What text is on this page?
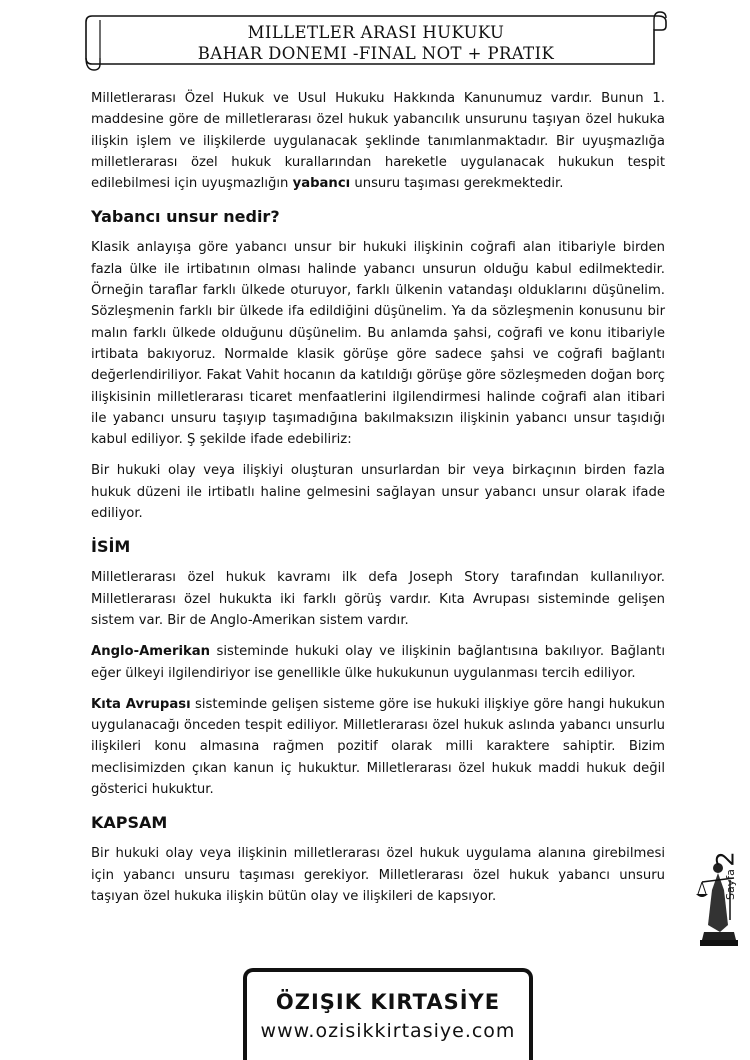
MILLETLER ARASI HUKUKU
BAHAR DONEMI -FINAL NOT + PRATIK

Milletlerarası Özel Hukuk ve Usul Hukuku Hakkında Kanunumuz vardır. Bunun 1. maddesine göre de milletlerarası özel hukuk yabancılık unsurunu taşıyan özel hukuka ilişkin işlem ve ilişkilerde uygulanacak şeklinde tanımlanmaktadır. Bir uyuşmazlığa milletlerarası özel hukuk kurallarından hareketle uygulanacak hukukun tespit edilebilmesi için uyuşmazlığın yabancı unsuru taşıması gerekmektedir.

Yabancı unsur nedir?

Klasik anlayışa göre yabancı unsur bir hukuki ilişkinin coğrafi alan itibariyle birden fazla ülke ile irtibatının olması halinde yabancı unsurun olduğu kabul edilmektedir. Örneğin taraflar farklı ülkede oturuyor, farklı ülkenin vatandaşı olduklarını düşünelim. Sözleşmenin farklı bir ülkede ifa edildiğini düşünelim. Ya da sözleşmenin konusunu bir malın farklı ülkede olduğunu düşünelim. Bu anlamda şahsi, coğrafi ve konu itibariyle irtibata bakıyoruz. Normalde klasik görüşe göre sadece şahsi ve coğrafi bağlantı değerlendiriliyor. Fakat Vahit hocanın da katıldığı görüşe göre sözleşmeden doğan borç ilişkisinin milletlerarası ticaret menfaatlerini ilgilendirmesi halinde coğrafi alan itibari ile yabancı unsuru taşıyıp taşımadığına bakılmaksızın ilişkinin yabancı unsur taşıdığı kabul ediliyor. Ş şekilde ifade edebiliriz:

Bir hukuki olay veya ilişkiyi oluşturan unsurlardan bir veya birkaçının birden fazla hukuk düzeni ile irtibatlı haline gelmesini sağlayan unsur yabancı unsur olarak ifade ediliyor.

İSİM

Milletlerarası özel hukuk kavramı ilk defa Joseph Story tarafından kullanılıyor. Milletlerarası özel hukukta iki farklı görüş vardır. Kıta Avrupası sisteminde gelişen sistem var. Bir de Anglo-Amerikan sistem vardır.

Anglo-Amerikan sisteminde hukuki olay ve ilişkinin bağlantısına bakılıyor. Bağlantı eğer ülkeyi ilgilendiriyor ise genellikle ülke hukukunun uygulanması tercih ediliyor.

Kıta Avrupası sisteminde gelişen sisteme göre ise hukuki ilişkiye göre hangi hukukun uygulanacağı önceden tespit ediliyor. Milletlerarası özel hukuk aslında yabancı unsurlu ilişkileri konu almasına rağmen pozitif olarak milli karaktere sahiptir. Bizim meclisimizden çıkan kanun iç hukuktur. Milletlerarası özel hukuk maddi hukuk değil gösterici hukuktur.

KAPSAM

Bir hukuki olay veya ilişkinin milletlerarası özel hukuk uygulama alanına girebilmesi için yabancı unsuru taşıması gerekiyor. Milletlerarası özel hukuk yabancı unsuru taşıyan özel hukuka ilişkin bütün olay ve ilişkileri de kapsıyor.

2
Sayfa
ÖZIŞIK KIRTASİYE
www.ozisikkirtasiye.com
